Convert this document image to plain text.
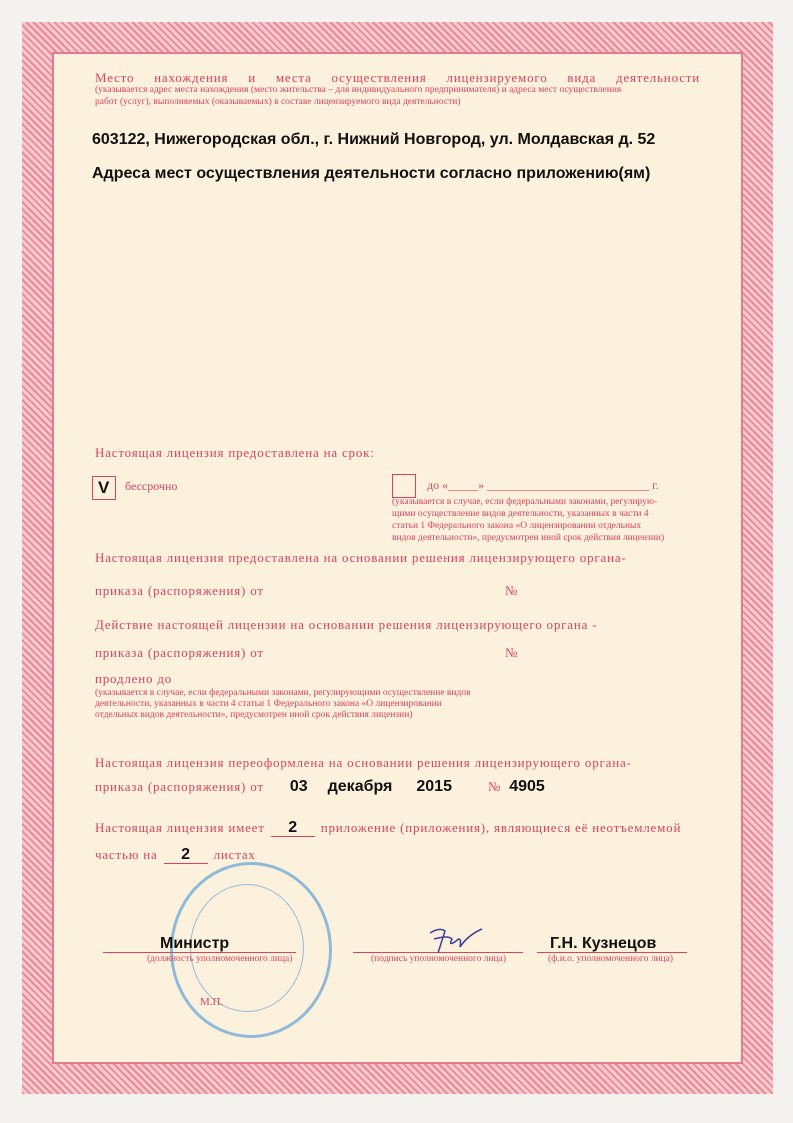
Место нахождения и места осуществления лицензируемого вида деятельности
(указывается адрес места нахождения (место жительства – для индивидуального предпринимателя) и адреса мест осуществления
работ (услуг), выполняемых (оказываемых) в составе лицензируемого вида деятельности)
603122, Нижегородская обл., г. Нижний Новгород, ул. Молдавская д. 52
Адреса мест осуществления деятельности согласно приложению(ям)
Настоящая лицензия предоставлена на срок:
V бессрочно	до «_____» ___________________________ г.
(указывается в случае, если федеральными законами, регулирую-
щими осуществление видов деятельности, указанных в части 4
статьи 1 Федерального закона «О лицензировании отдельных
видов деятельности», предусмотрен иной срок действия лицензии)
Настоящая лицензия предоставлена на основании решения лицензирующего органа-
приказа (распоряжения) от	№
Действие настоящей лицензии на основании решения лицензирующего органа -
приказа (распоряжения) от	№
продлено до
(указывается в случае, если федеральными законами, регулирующими осуществление видов
деятельности, указанных в части 4 статьи 1 Федерального закона «О лицензировании
отдельных видов деятельности», предусмотрен иной срок действия лицензии)
Настоящая лицензия переоформлена на основании решения лицензирующего органа-
приказа (распоряжения) от 03 декабря 2015	№ 4905
Настоящая лицензия имеет	2	приложение (приложения), являющиеся её неотъемлемой
частью на	2	листах
Министр
(должность уполномоченного лица)	(подпись уполномоченного лица)
Г.Н. Кузнецов
(ф.и.о. уполномоченного лица)
М.П.
